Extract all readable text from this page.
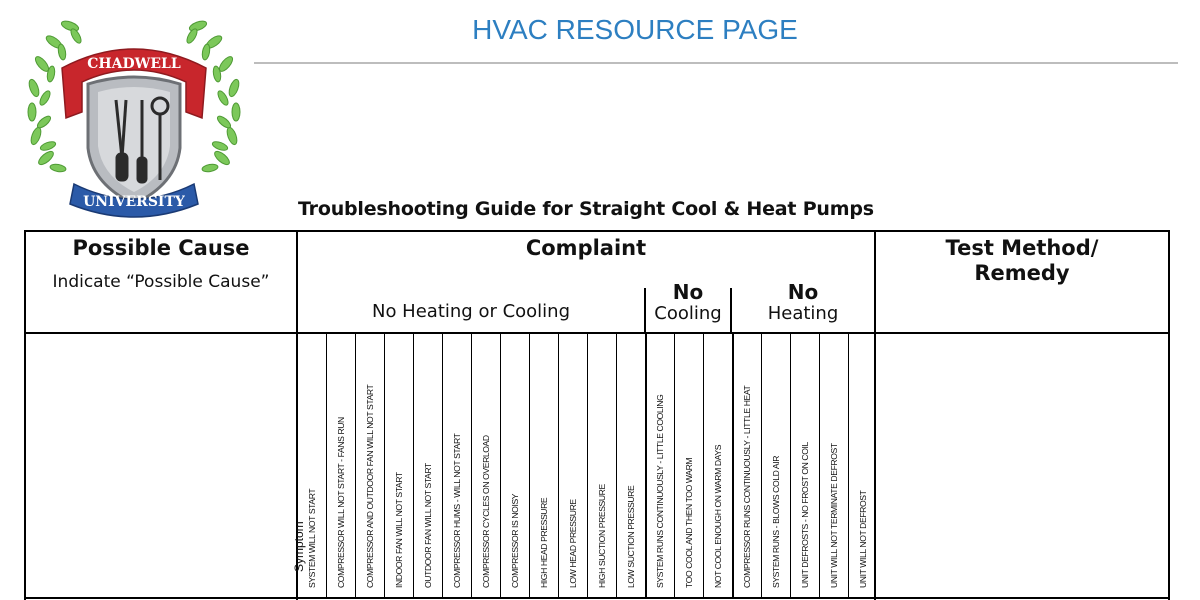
CHADWELL
UNIVERSITY
HVAC RESOURCE PAGE
Troubleshooting Guide for Straight Cool & Heat Pumps
Possible Cause
Indicate “Possible Cause”
Complaint	Test Method/
Remedy
No Heating or Cooling
No
Cooling
No
Heating
Symptom SYSTEM WILL NOT START COMPRESSOR WILL NOT START - FANS RUN COMPRESSOR AND OUTDOOR FAN WILL NOT START INDOOR FAN WILL NOT START OUTDOOR FAN WILL NOT START COMPRESSOR HUMS - WILL NOT START COMPRESSOR CYCLES ON OVERLOAD COMPRESSOR IS NOISY HIGH HEAD PRESSURE LOW HEAD PRESSURE HIGH SUCTION PRESSURE LOW SUCTION PRESSURE SYSTEM RUNS CONTINUOUSLY - LITTLE COOLING TOO COOL AND THEN TOO WARM NOT COOL ENOUGH ON WARM DAYS COMPRESSOR RUNS CONTINUOUSLY - LITTLE HEAT SYSTEM RUNS - BLOWS COLD AIR UNIT DEFROSTS - NO FROST ON COIL UNIT WILL NOT TERMINATE DEFROST UNIT WILL NOT DEFROST
